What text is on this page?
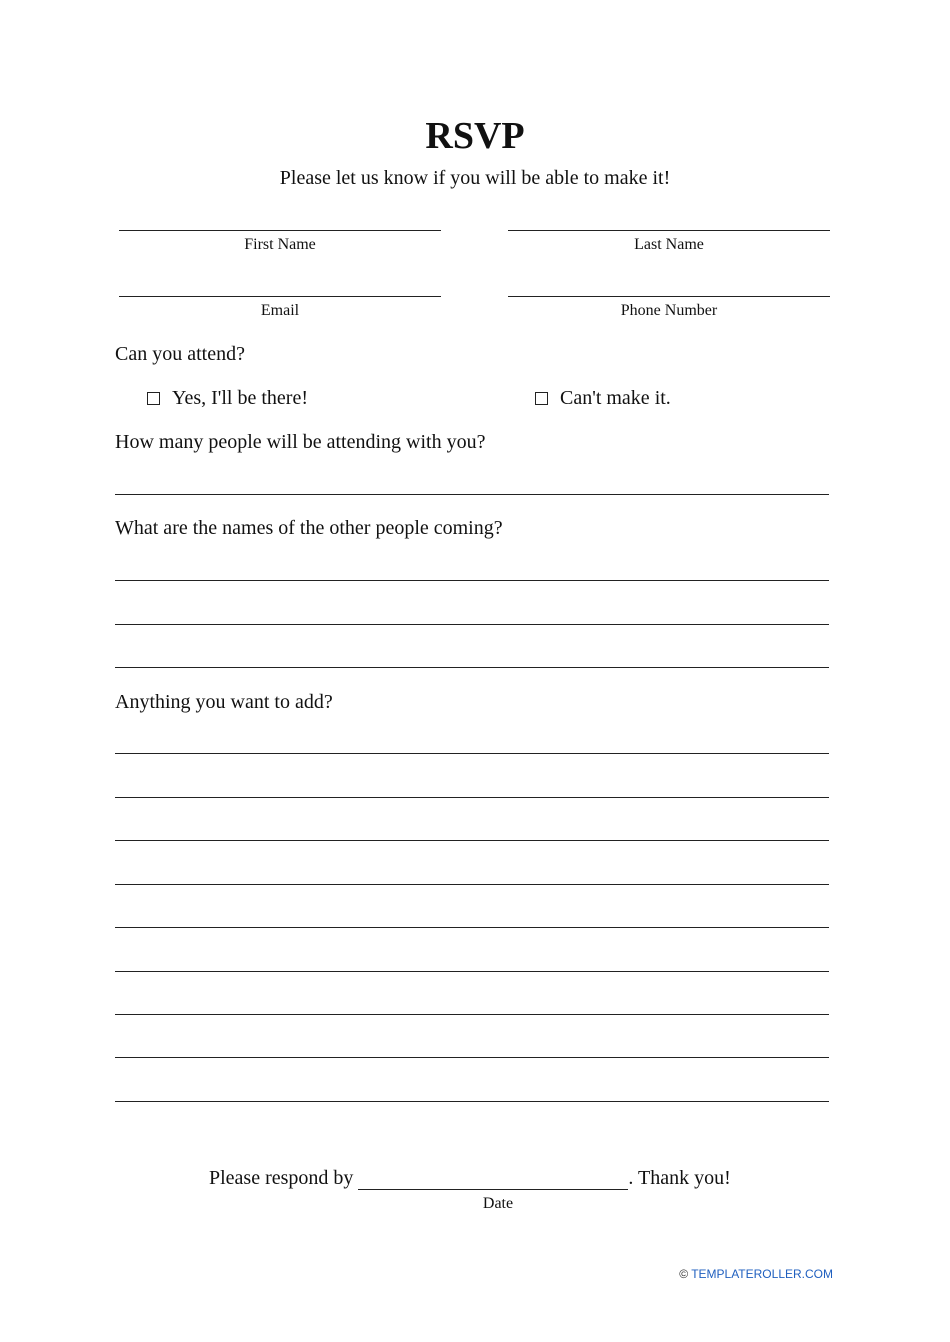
RSVP
Please let us know if you will be able to make it!
First Name	Last Name
Email	Phone Number
Can you attend?
Yes, I'll be there!	Can't make it.
How many people will be attending with you?
What are the names of the other people coming?
Anything you want to add?
Please respond by	. Thank you!
Date
© TEMPLATEROLLER.COM
